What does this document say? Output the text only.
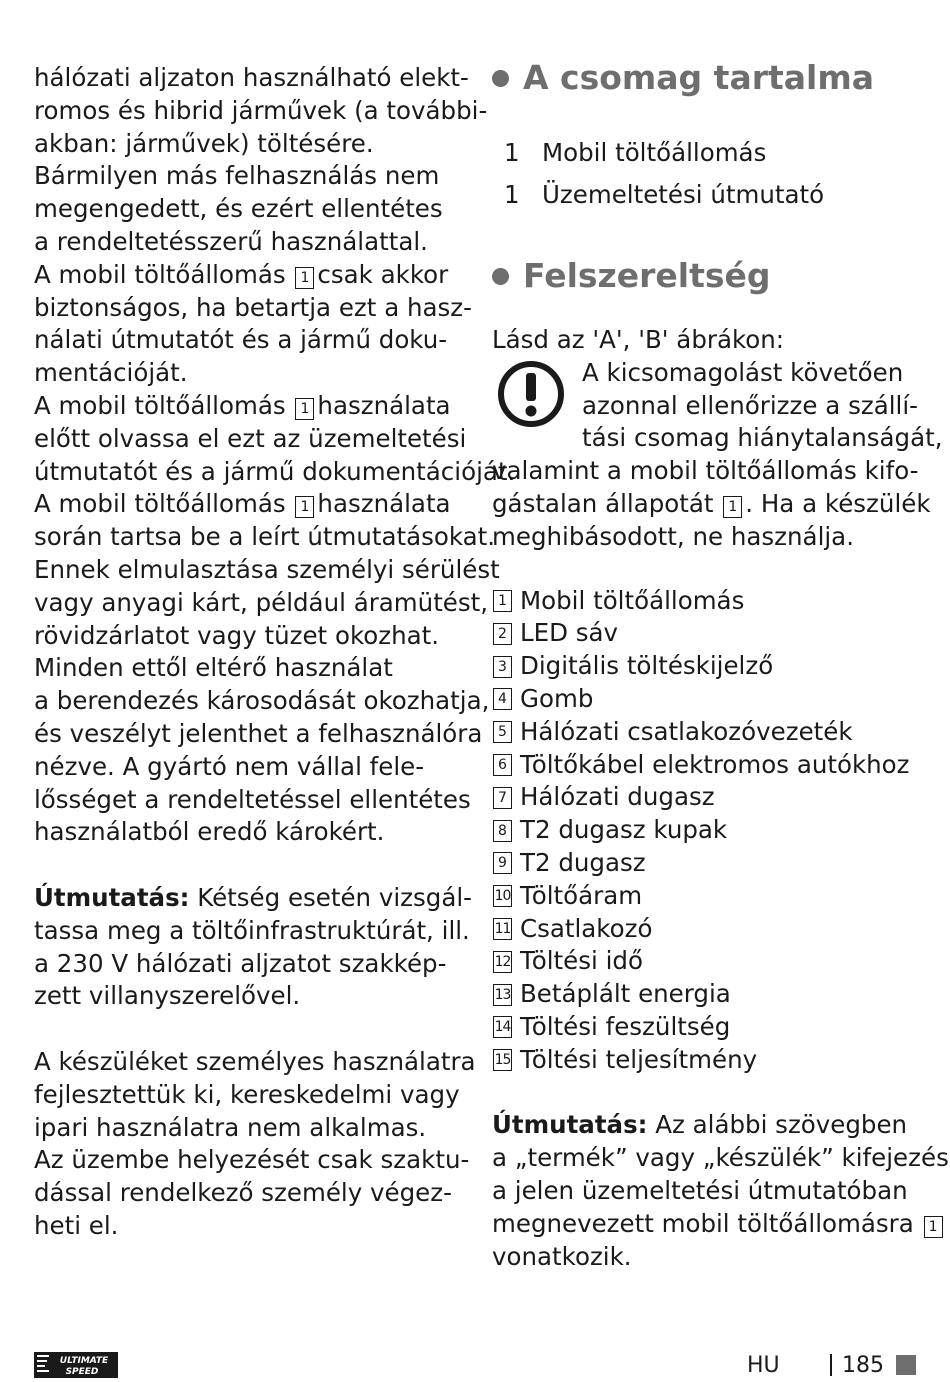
hálózati aljzaton használható elekt-
romos és hibrid járművek (a további-
akban: járművek) töltésére.
Bármilyen más felhasználás nem
megengedett, és ezért ellentétes
a rendeltetésszerű használattal.
A mobil töltőállomás 1 csak akkor
biztonságos, ha betartja ezt a hasz-
nálati útmutatót és a jármű doku-
mentációját.
A mobil töltőállomás 1 használata
előtt olvassa el ezt az üzemeltetési
útmutatót és a jármű dokumentációját.
A mobil töltőállomás 1 használata
során tartsa be a leírt útmutatásokat.
Ennek elmulasztása személyi sérülést
vagy anyagi kárt, például áramütést,
rövidzárlatot vagy tüzet okozhat.
Minden ettől eltérő használat
a berendezés károsodását okozhatja,
és veszélyt jelenthet a felhasználóra
nézve. A gyártó nem vállal fele-
lősséget a rendeltetéssel ellentétes
használatból eredő károkért.
Útmutatás: Kétség esetén vizsgál-
tassa meg a töltőinfrastruktúrát, ill.
a 230 V hálózati aljzatot szakkép-
zett villanyszerelővel.
A készüléket személyes használatra
fejlesztettük ki, kereskedelmi vagy
ipari használatra nem alkalmas.
Az üzembe helyezését csak szaktu-
dással rendelkező személy végez-
heti el.
A csomag tartalma
1 Mobil töltőállomás
1 Üzemeltetési útmutató
Felszereltség
Lásd az 'A', 'B' ábrákon:
A kicsomagolást követően
azonnal ellenőrizze a szállí-
tási csomag hiánytalanságát,
valamint a mobil töltőállomás kifo-
gástalan állapotát 1 . Ha a készülék
meghibásodott, ne használja.
1 Mobil töltőállomás
2 LED sáv
3 Digitális töltéskijelző
4 Gomb
5 Hálózati csatlakozóvezeték
6 Töltőkábel elektromos autókhoz
7 Hálózati dugasz
8 T2 dugasz kupak
9 T2 dugasz
10 Töltőáram
11 Csatlakozó
12 Töltési idő
13 Betáplált energia
14 Töltési feszültség
15 Töltési teljesítmény
Útmutatás: Az alábbi szövegben
a „termék” vagy „készülék” kifejezés
a jelen üzemeltetési útmutatóban
megnevezett mobil töltőállomásra 1
vonatkozik.
ULTIMATE
SPEED	HU	185
